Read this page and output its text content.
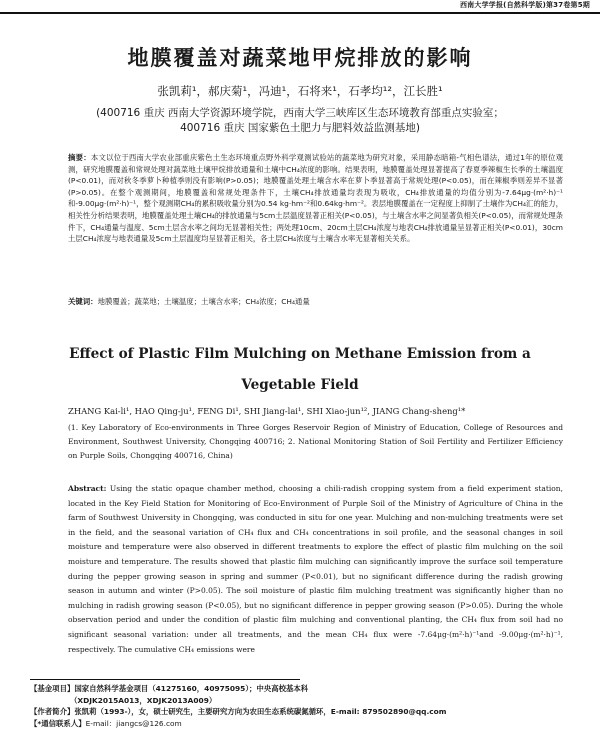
西南大学学报(自然科学版)第37卷第5期
地膜覆盖对蔬菜地甲烷排放的影响
张凯莉¹，郝庆菊¹，冯迪¹，石将来¹，石孝均¹²，江长胜¹
(400716 重庆 西南大学资源环境学院，西南大学三峡库区生态环境教育部重点实验室；
400716 重庆 国家紫色土肥力与肥料效益监测基地)
摘要：本文以位于西南大学农业部重庆紫色土生态环境重点野外科学观测试验站的蔬菜地为研究对象，采用静态暗箱-气相色谱法，通过1年的原位观测，研究地膜覆盖和常规处理对蔬菜地土壤甲烷排放通量和土壤中CH₄浓度的影响。结果表明，地膜覆盖处理显著提高了春夏季辣椒生长季的土壤温度(P<0.01)，而对秋冬季萝卜种植季则没有影响(P>0.05)；地膜覆盖处理土壤含水率在萝卜季显著高于常规处理(P<0.05)，而在辣椒季则差异不显著(P>0.05)。在整个观测期间，地膜覆盖和常规处理条件下，土壤CH₄排放通量均表现为吸收，CH₄排放通量的均值分别为-7.64μg·(m²·h)⁻¹和-9.00μg·(m²·h)⁻¹，整个观测期CH₄的累积吸收量分别为0.54 kg·hm⁻²和0.64kg·hm⁻²。表层地膜覆盖在一定程度上抑制了土壤作为CH₄汇的能力，相关性分析结果表明，地膜覆盖处理土壤CH₄的排放通量与5cm土层温度显著正相关(P<0.05)，与土壤含水率之间显著负相关(P<0.05)，而常规处理条件下，CH₄通量与温度、5cm土层含水率之间均无显著相关性；两处理10cm、20cm土层CH₄浓度与地表CH₄排放通量呈显著正相关(P<0.01)，30cm土层CH₄浓度与地表通量及5cm土层温度均呈显著正相关，各土层CH₄浓度与土壤含水率无显著相关关系。
关键词：地膜覆盖；蔬菜地；土壤温度；土壤含水率；CH₄浓度；CH₄通量
Effect of Plastic Film Mulching on Methane Emission from a Vegetable Field
ZHANG Kai-li¹, HAO Qing-ju¹, FENG Di¹, SHI Jiang-lai¹, SHI Xiao-jun¹², JIANG Chang-sheng¹*
(1. Key Laboratory of Eco-environments in Three Gorges Reservoir Region of Ministry of Education, College of Resources and Environment, Southwest University, Chongqing 400716; 2. National Monitoring Station of Soil Fertility and Fertilizer Efficiency on Purple Soils, Chongqing 400716, China)
Abstract: Using the static opaque chamber method, choosing a chili-radish cropping system from a field experiment station, located in the Key Field Station for Monitoring of Eco-Environment of Purple Soil of the Ministry of Agriculture of China in the farm of Southwest University in Chongqing, was conducted in situ for one year. Mulching and non-mulching treatments were set in the field, and the seasonal variation of CH₄ flux and CH₄ concentrations in soil profile, and the seasonal changes in soil moisture and temperature were also observed in different treatments to explore the effect of plastic film mulching on the soil moisture and temperature. The results showed that plastic film mulching can significantly improve the surface soil temperature during the pepper growing season in spring and summer (P<0.01), but no significant difference during the radish growing season in autumn and winter (P>0.05). The soil moisture of plastic film mulching treatment was significantly higher than no mulching in radish growing season (P<0.05), but no significant difference in pepper growing season (P>0.05). During the whole observation period and under the condition of plastic film mulching and conventional planting, the CH₄ flux from soil had no significant seasonal variation: under all treatments, and the mean CH₄ flux were -7.64μg·(m²·h)⁻¹and -9.00μg·(m²·h)⁻¹, respectively. The cumulative CH₄ emissions were
【基金项目】国家自然科学基金项目（41275160，40975095）；中央高校基本科
（XDJK2015A013，XDJK2013A009）
【作者简介】张凯莉（1993-），女，硕士研究生，主要研究方向为农田生态系统碳氮循环，E-mail: 879502890@qq.com
【*通信联系人】E-mail：jiangcs@126.com
